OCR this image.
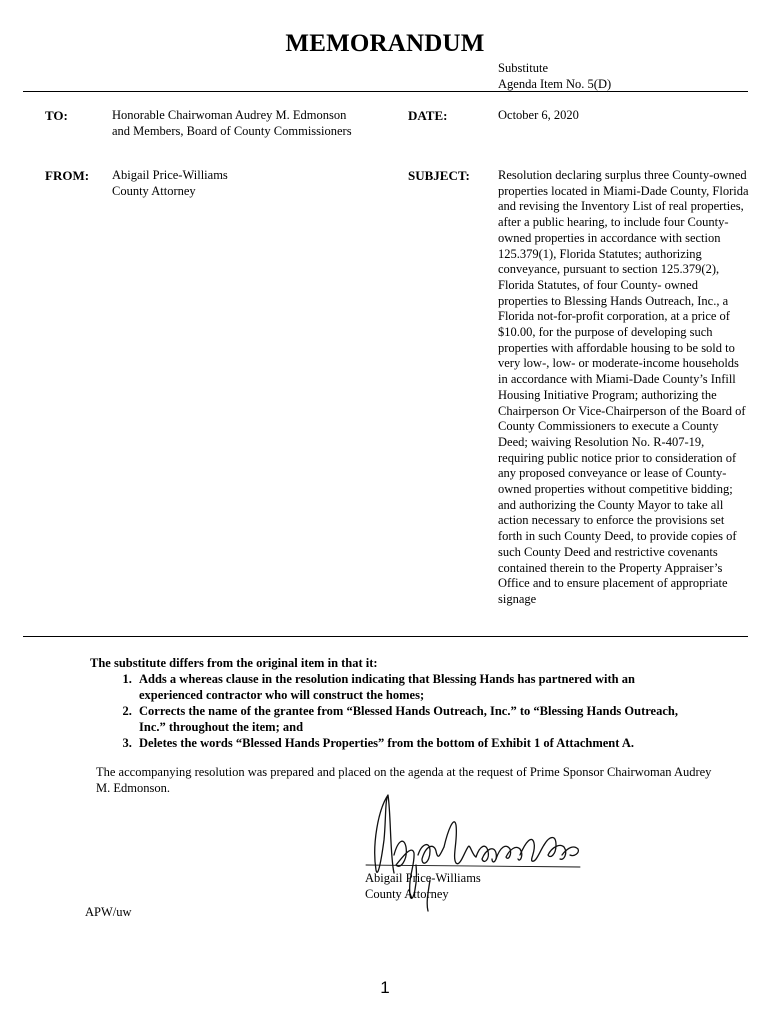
MEMORANDUM
Substitute
Agenda Item No. 5(D)
TO:	Honorable Chairwoman Audrey M. Edmonson
and Members, Board of County Commissioners
DATE:	October 6, 2020
FROM: Abigail Price-Williams
County Attorney
SUBJECT: Resolution declaring surplus three County-owned properties located in Miami-Dade County, Florida and revising the Inventory List of real properties, after a public hearing, to include four County-owned properties in accordance with section 125.379(1), Florida Statutes; authorizing conveyance, pursuant to section 125.379(2), Florida Statutes, of four County- owned properties to Blessing Hands Outreach, Inc., a Florida not-for-profit corporation, at a price of $10.00, for the purpose of developing such properties with affordable housing to be sold to very low-, low- or moderate-income households in accordance with Miami-Dade County’s Infill Housing Initiative Program; authorizing the Chairperson Or Vice-Chairperson of the Board of County Commissioners to execute a County Deed; waiving Resolution No. R-407-19, requiring public notice prior to consideration of any proposed conveyance or lease of County-owned properties without competitive bidding; and authorizing the County Mayor to take all action necessary to enforce the provisions set forth in such County Deed, to provide copies of such County Deed and restrictive covenants contained therein to the Property Appraiser’s Office and to ensure placement of appropriate signage
The substitute differs from the original item in that it:
1. Adds a whereas clause in the resolution indicating that Blessing Hands has partnered with an experienced contractor who will construct the homes;
2. Corrects the name of the grantee from “Blessed Hands Outreach, Inc.” to “Blessing Hands Outreach, Inc.” throughout the item; and
3. Deletes the words “Blessed Hands Properties” from the bottom of Exhibit 1 of Attachment A.
The accompanying resolution was prepared and placed on the agenda at the request of Prime Sponsor Chairwoman Audrey M. Edmonson.
Abigail Price-Williams
County Attorney
APW/uw
1
